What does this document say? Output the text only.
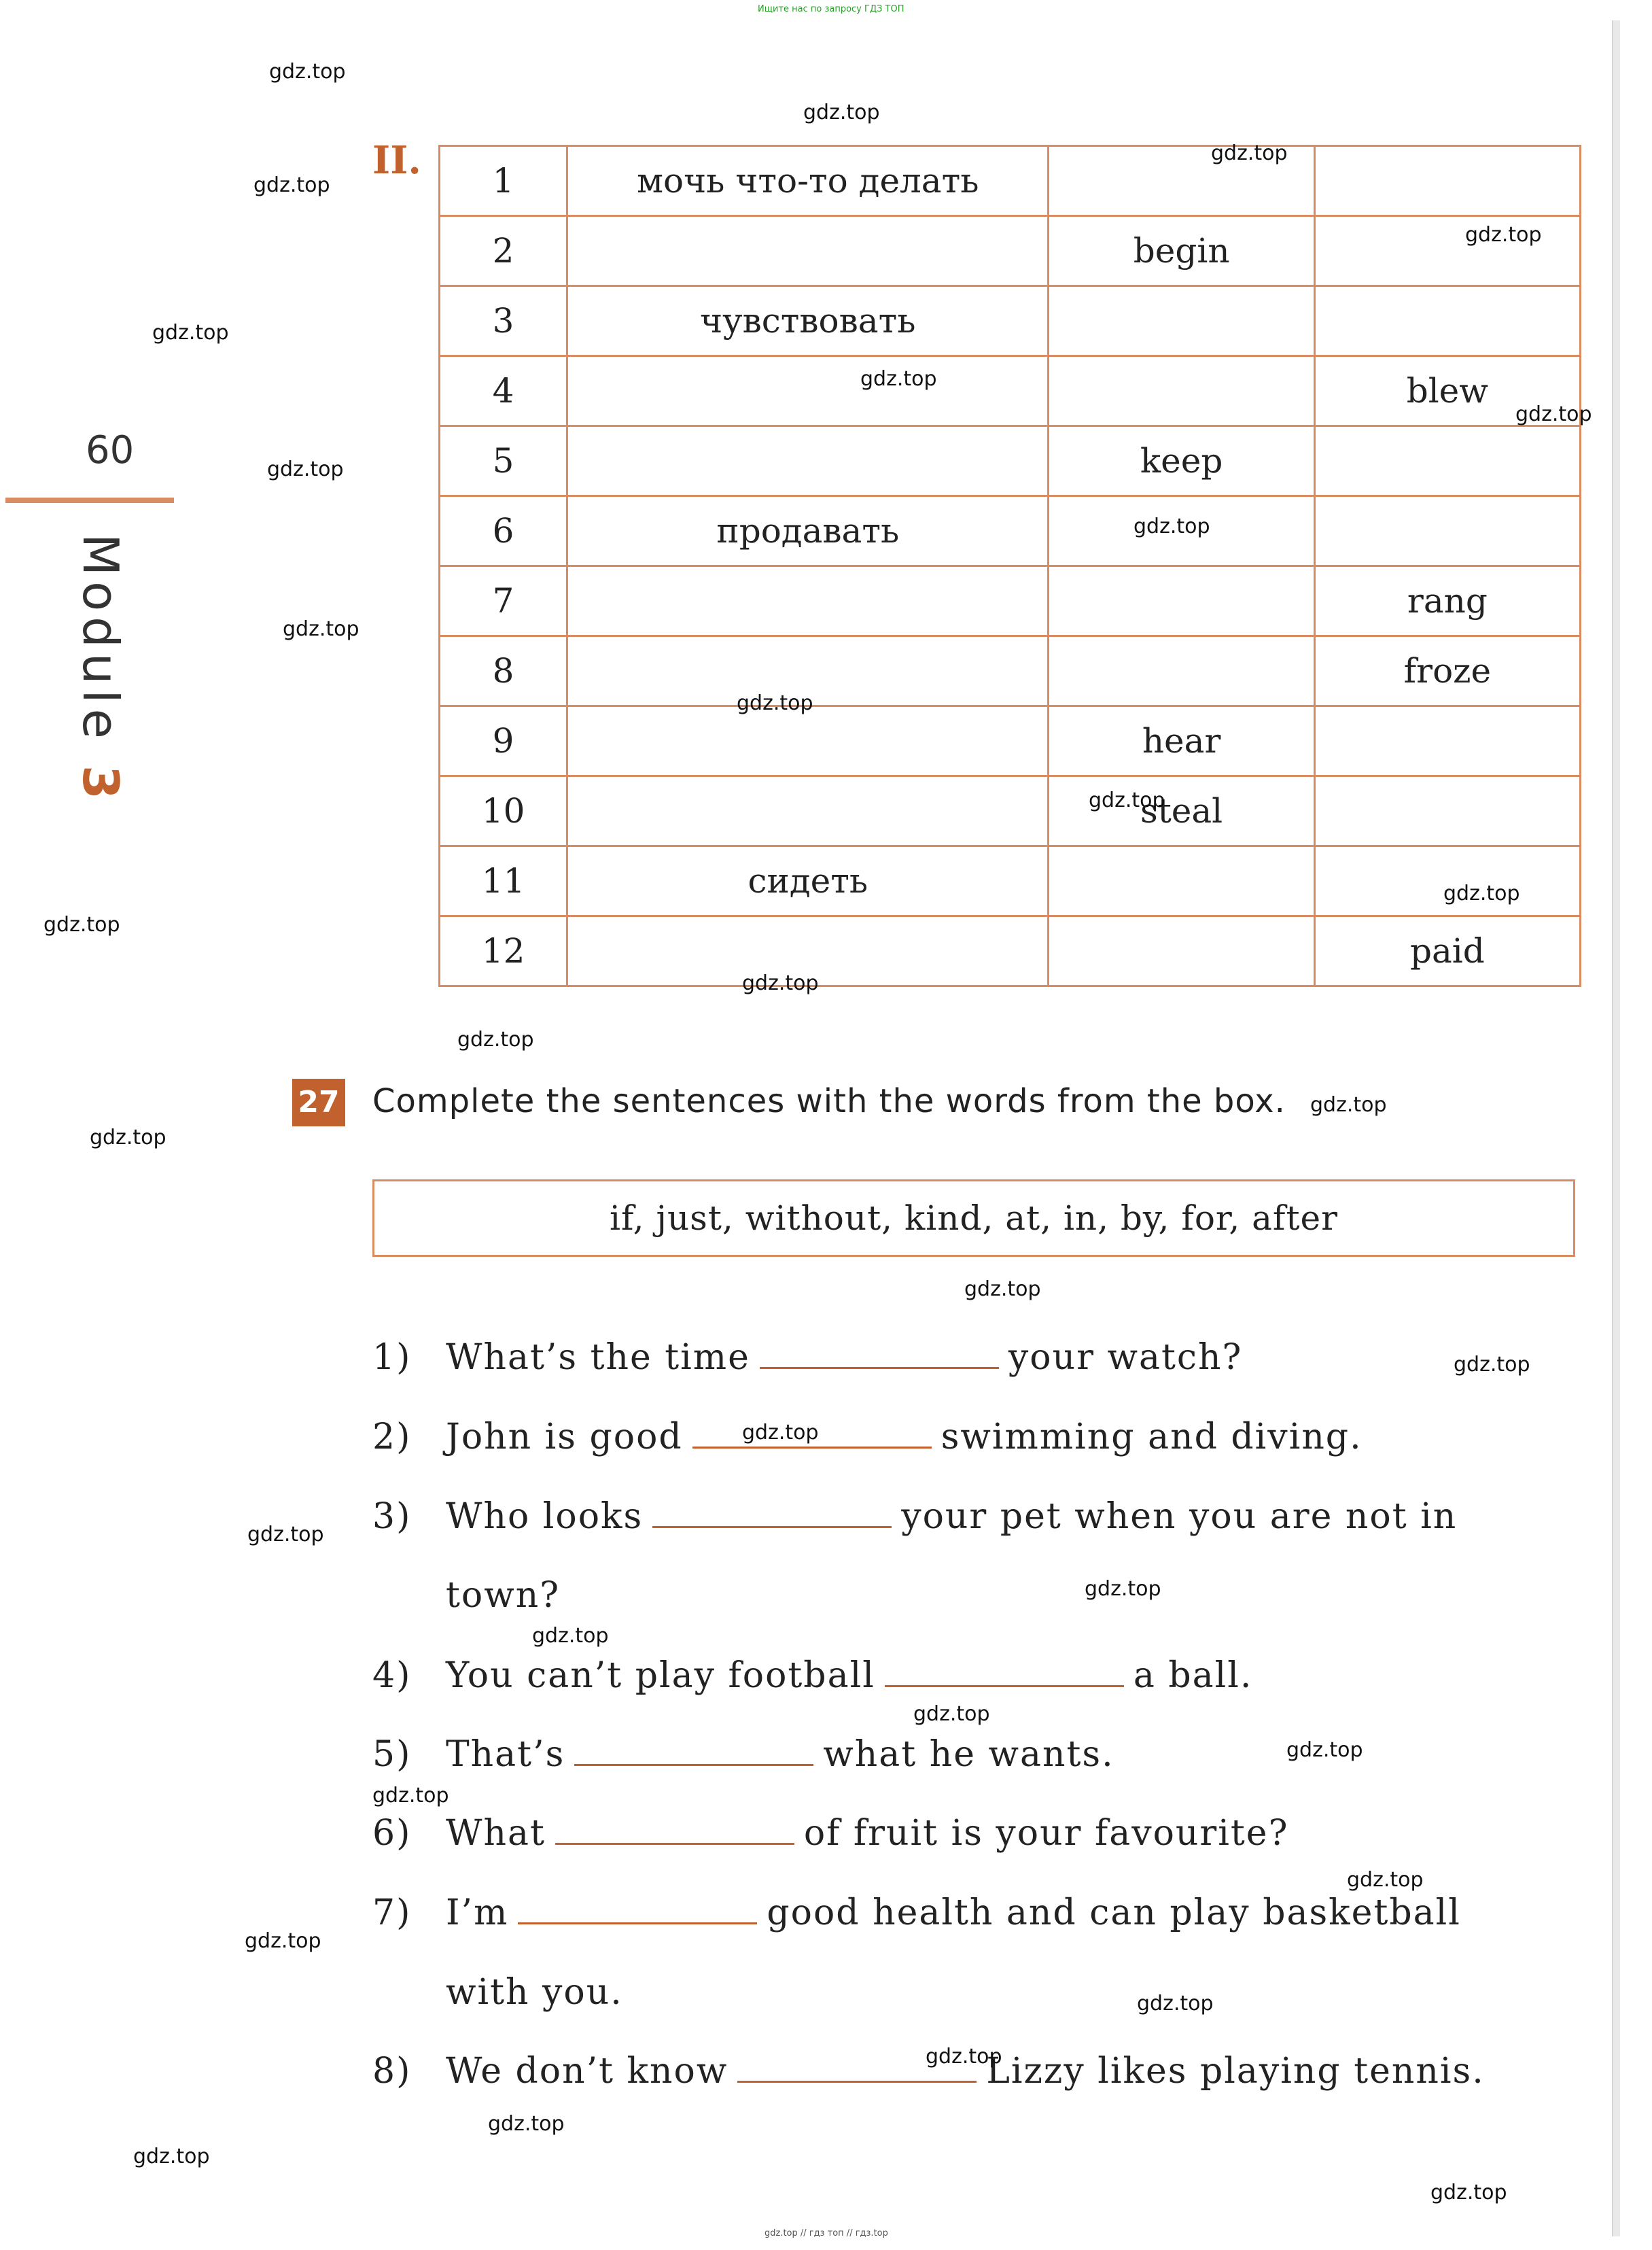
Ищите нас по запросу ГДЗ ТОП
60
Module 3
II. 1	мочь что-то делать		
2		begin	
3	чувствовать		
4			blew
5		keep	
6	продавать		
7			rang
8			froze
9		hear	
10		steal	
11	сидеть		
12			paid
27 Complete the sentences with the words from the box.
if, just, without, kind, at, in, by, for, after
1) What’s the time	your watch?
2) John is good	swimming and diving.
3) Who looks	your pet when you are not in
town?
4) You can’t play football	a ball.
5) That’s	what he wants.
6) What	of fruit is your favourite?
7) I’m	good health and can play basketball
with you.
8) We don’t know	Lizzy likes playing tennis.
gdz.top
gdz.top
gdz.top
gdz.top
gdz.top
gdz.top
gdz.top
gdz.top
gdz.top
gdz.top
gdz.top
gdz.top
gdz.top
gdz.top
gdz.top
gdz.top
gdz.top
gdz.top
gdz.top
gdz.top
gdz.top
gdz.top
gdz.top
gdz.top
gdz.top
gdz.top
gdz.top
gdz.top
gdz.top
gdz.top
gdz.top
gdz.top
gdz.top
gdz.top
gdz.top
gdz.top // гдз топ // гдз.top
